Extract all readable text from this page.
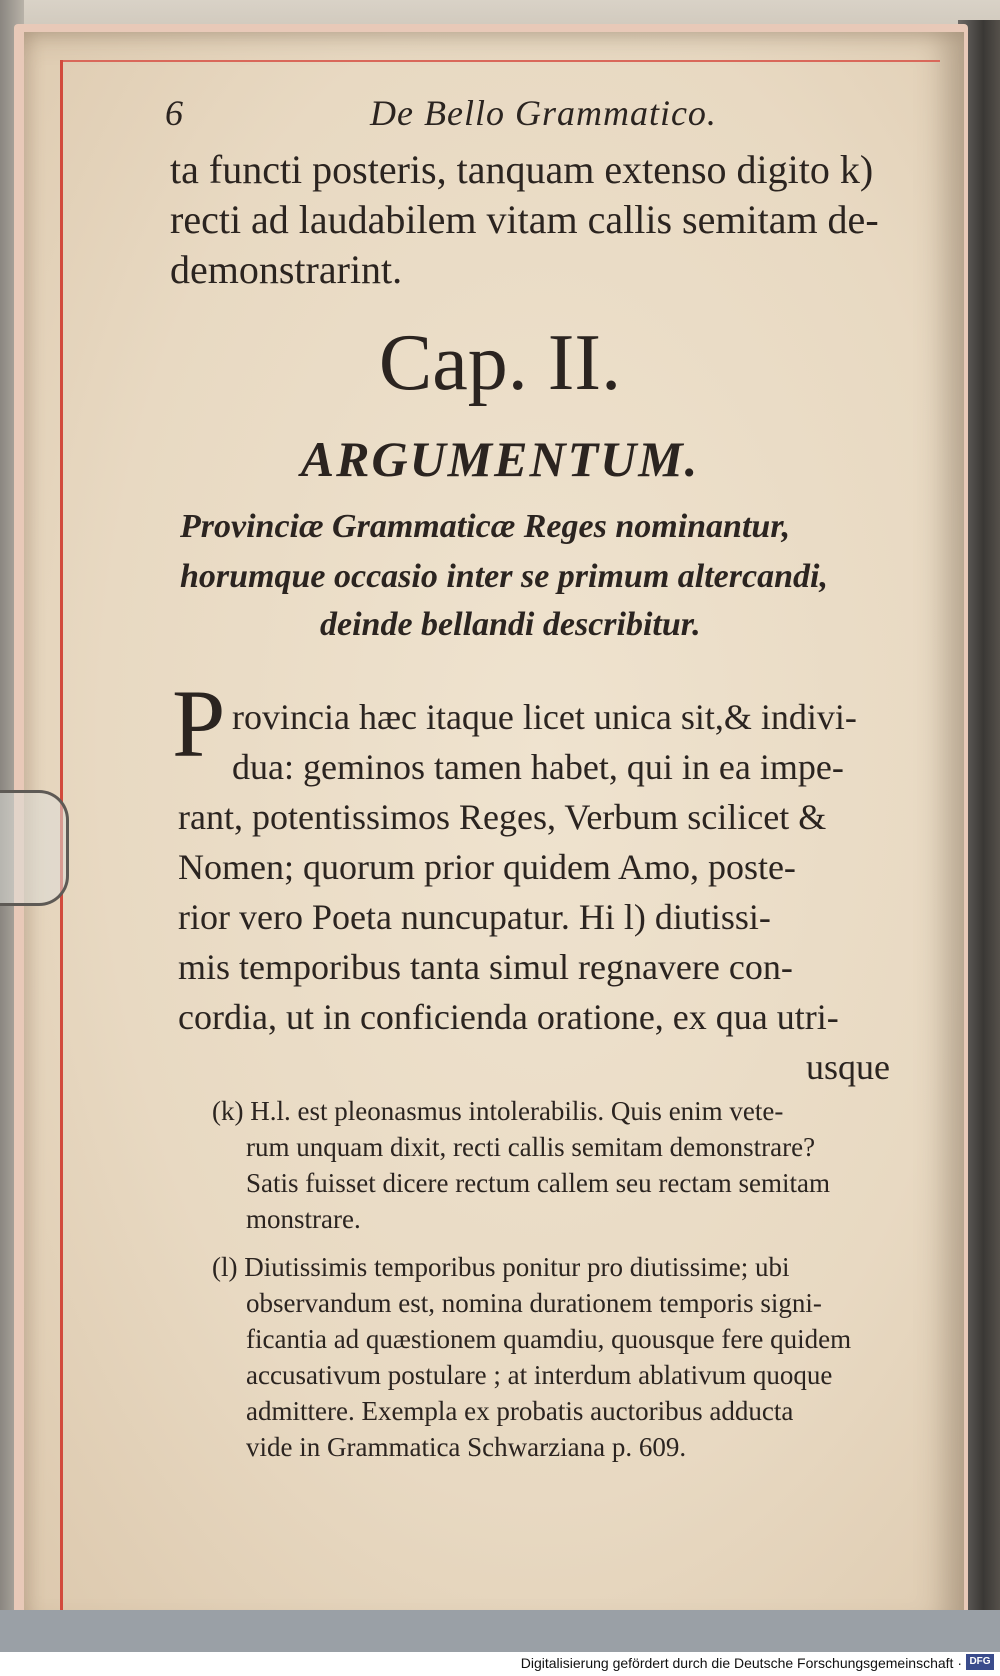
6	De Bello Grammatico.
ta functi posteris, tanquam extenso digito k)
recti ad laudabilem vitam callis semitam de-
demonstrarint.
Cap. II.
ARGUMENTUM.
Provinciæ Grammaticæ Reges nominantur,
horumque occasio inter se primum altercandi,
deinde bellandi describitur.
P rovincia hæc itaque licet unica sit,& indivi-
dua: geminos tamen habet, qui in ea impe-
rant, potentissimos Reges, Verbum scilicet &
Nomen; quorum prior quidem Amo, poste-
rior vero Poeta nuncupatur. Hi l) diutissi-
mis temporibus tanta simul regnavere con-
cordia, ut in conficienda oratione, ex qua utri-
usque
(k) H.l. est pleonasmus intolerabilis. Quis enim vete-
rum unquam dixit, recti callis semitam demonstrare?
Satis fuisset dicere rectum callem seu rectam semitam
monstrare.
(l) Diutissimis temporibus ponitur pro diutissime; ubi
observandum est, nomina durationem temporis signi-
ficantia ad quæstionem quamdiu, quousque fere quidem
accusativum postulare ; at interdum ablativum quoque
admittere. Exempla ex probatis auctoribus adducta
vide in Grammatica Schwarziana p. 609.
Digitalisierung gefördert durch die Deutsche Forschungsgemeinschaft · DFG
